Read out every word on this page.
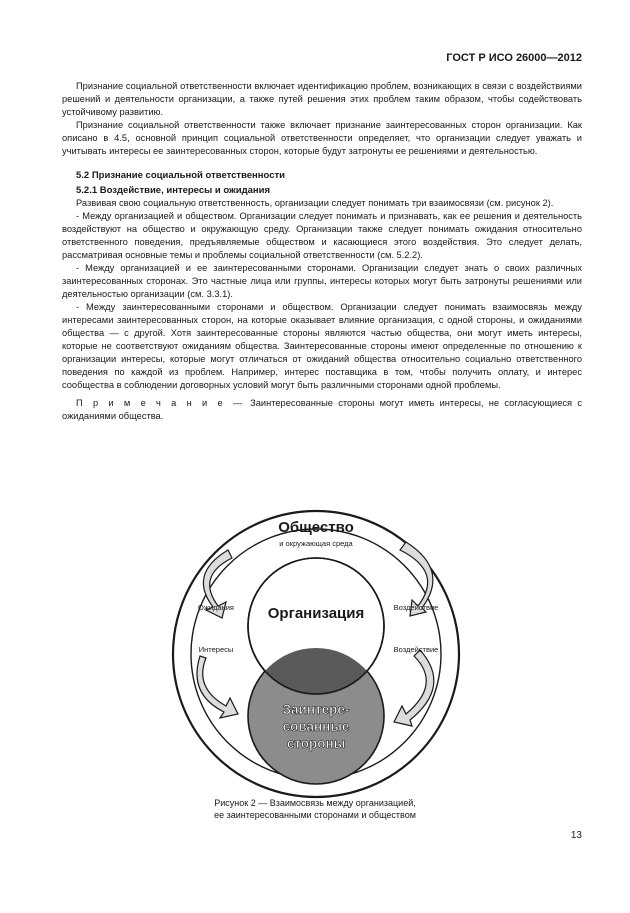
ГОСТ Р ИСО 26000—2012

Признание социальной ответственности включает идентификацию проблем, возникающих в связи с воздействиями решений и деятельности организации, а также путей решения этих проблем таким образом, чтобы содействовать устойчивому развитию.

Признание социальной ответственности также включает признание заинтересованных сторон организации. Как описано в 4.5, основной принцип социальной ответственности определяет, что организации следует уважать и учитывать интересы ее заинтересованных сторон, которые будут затронуты ее решениями и деятельностью.

5.2 Признание социальной ответственности
5.2.1 Воздействие, интересы и ожидания

Развивая свою социальную ответственность, организации следует понимать три взаимосвязи (см. рисунок 2).

- Между организацией и обществом. Организации следует понимать и признавать, как ее решения и деятельность воздействуют на общество и окружающую среду. Организации также следует понимать ожидания относительно ответственного поведения, предъявляемые обществом и касающиеся этого воздействия. Это следует делать, рассматривая основные темы и проблемы социальной ответственности (см. 5.2.2).

- Между организацией и ее заинтересованными сторонами. Организации следует знать о своих различных заинтересованных сторонах. Это частные лица или группы, интересы которых могут быть затронуты решениями или деятельностью организации (см. 3.3.1).

- Между заинтересованными сторонами и обществом. Организации следует понимать взаимосвязь между интересами заинтересованных сторон, на которые оказывает влияние организация, с одной стороны, и ожиданиями общества — с другой. Хотя заинтересованные стороны являются частью общества, они могут иметь интересы, которые не соответствуют ожиданиям общества. Заинтересованные стороны имеют определенные по отношению к организации интересы, которые могут отличаться от ожиданий общества относительно социально ответственного поведения по каждой из проблем. Например, интерес поставщика в том, чтобы получить оплату, и интерес сообщества в соблюдении договорных условий могут быть различными сторонами одной проблемы.

П р и м е ч а н и е — Заинтересованные стороны могут иметь интересы, не согласующиеся с ожиданиями общества.

Общество
и окружающая среда
Организация
Заинтере-
сованные
стороны
Ожидания
Интересы
Воздействие
Воздействие
Рисунок 2 — Взаимосвязь между организацией,
ее заинтересованными сторонами и обществом
13
